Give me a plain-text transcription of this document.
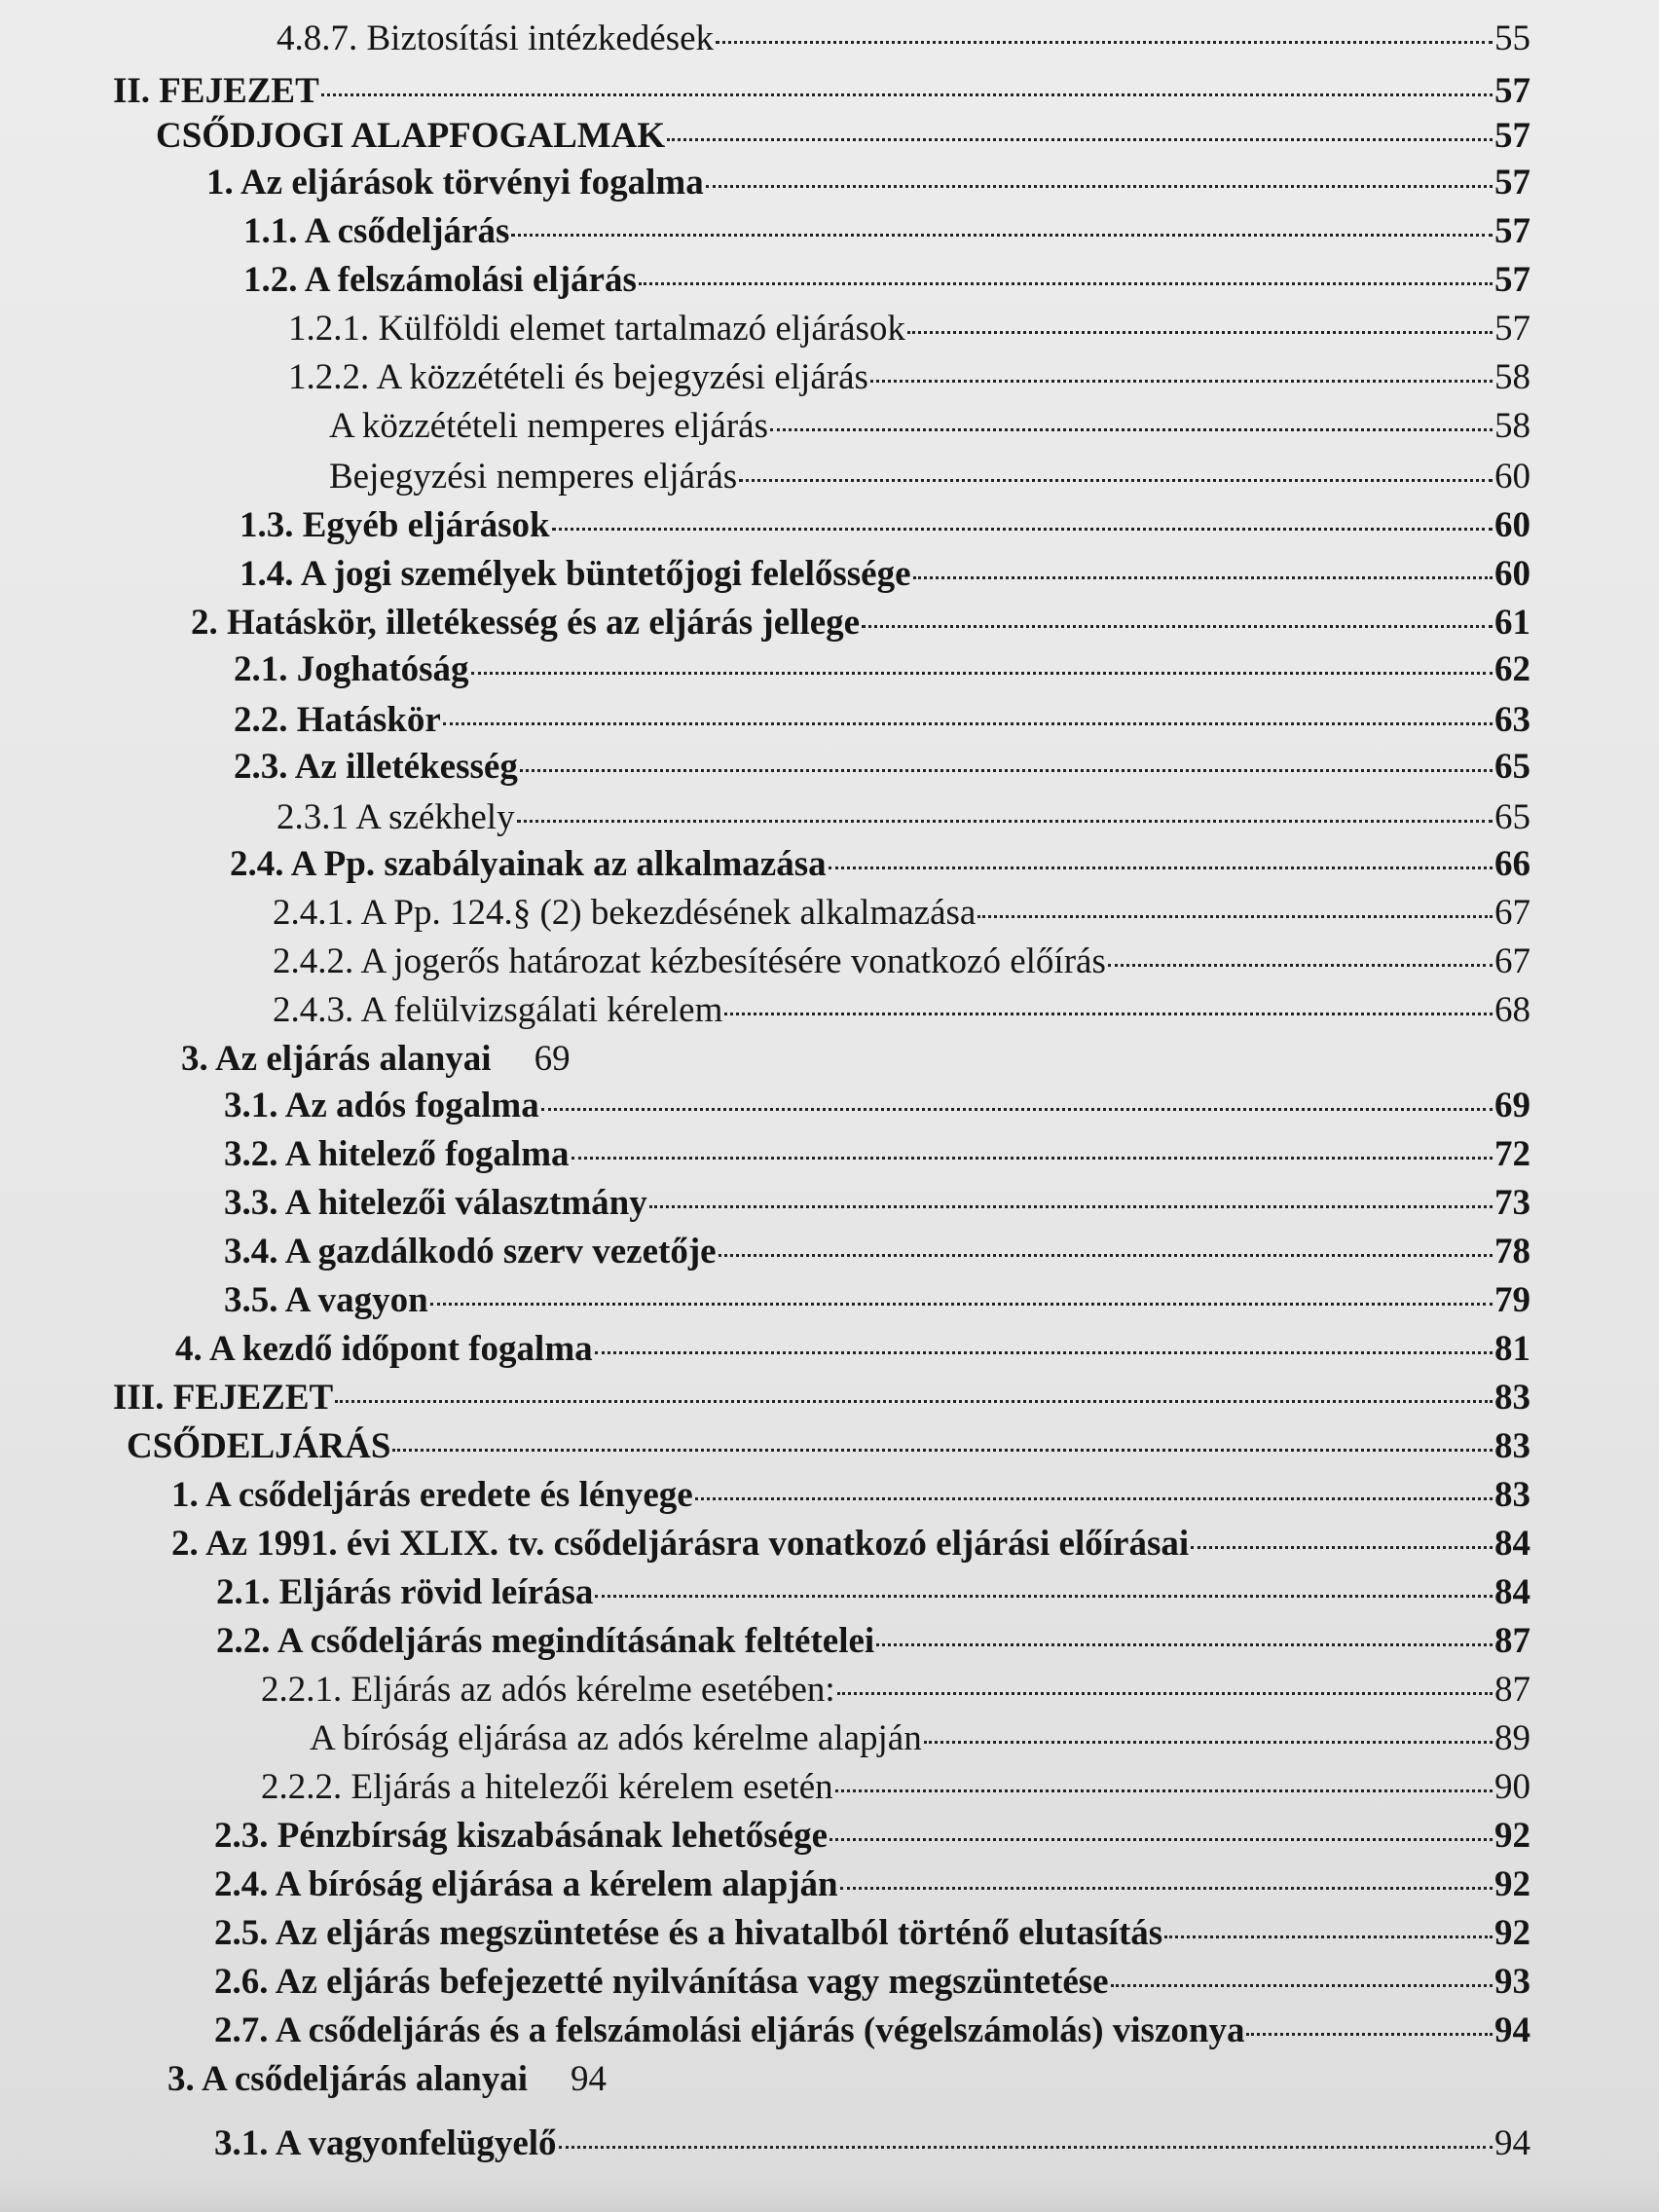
4.8.7. Biztosítási intézkedések	55
II. FEJEZET	57
CSŐDJOGI ALAPFOGALMAK	57
1. Az eljárások törvényi fogalma	57
1.1. A csődeljárás	57
1.2. A felszámolási eljárás	57
1.2.1. Külföldi elemet tartalmazó eljárások	57
1.2.2. A közzétételi és bejegyzési eljárás	58
A közzétételi nemperes eljárás	58
Bejegyzési nemperes eljárás	60
1.3. Egyéb eljárások	60
1.4. A jogi személyek büntetőjogi felelőssége	60
2. Hatáskör, illetékesség és az eljárás jellege	61
2.1. Joghatóság	62
2.2. Hatáskör	63
2.3. Az illetékesség	65
2.3.1 A székhely	65
2.4. A Pp. szabályainak az alkalmazása	66
2.4.1. A Pp. 124.§ (2) bekezdésének alkalmazása	67
2.4.2. A jogerős határozat kézbesítésére vonatkozó előírás	67
2.4.3. A felülvizsgálati kérelem	68
3. Az eljárás alanyai 69
3.1. Az adós fogalma	69
3.2. A hitelező fogalma	72
3.3. A hitelezői választmány	73
3.4. A gazdálkodó szerv vezetője	78
3.5. A vagyon	79
4. A kezdő időpont fogalma	81
III. FEJEZET	83
CSŐDELJÁRÁS	83
1. A csődeljárás eredete és lényege	83
2. Az 1991. évi XLIX. tv. csődeljárásra vonatkozó eljárási előírásai	84
2.1. Eljárás rövid leírása	84
2.2. A csődeljárás megindításának feltételei	87
2.2.1. Eljárás az adós kérelme esetében:	87
A bíróság eljárása az adós kérelme alapján	89
2.2.2. Eljárás a hitelezői kérelem esetén	90
2.3. Pénzbírság kiszabásának lehetősége	92
2.4. A bíróság eljárása a kérelem alapján	92
2.5. Az eljárás megszüntetése és a hivatalból történő elutasítás	92
2.6. Az eljárás befejezetté nyilvánítása vagy megszüntetése	93
2.7. A csődeljárás és a felszámolási eljárás (végelszámolás) viszonya	94
3. A csődeljárás alanyai 94
3.1. A vagyonfelügyelő	94
